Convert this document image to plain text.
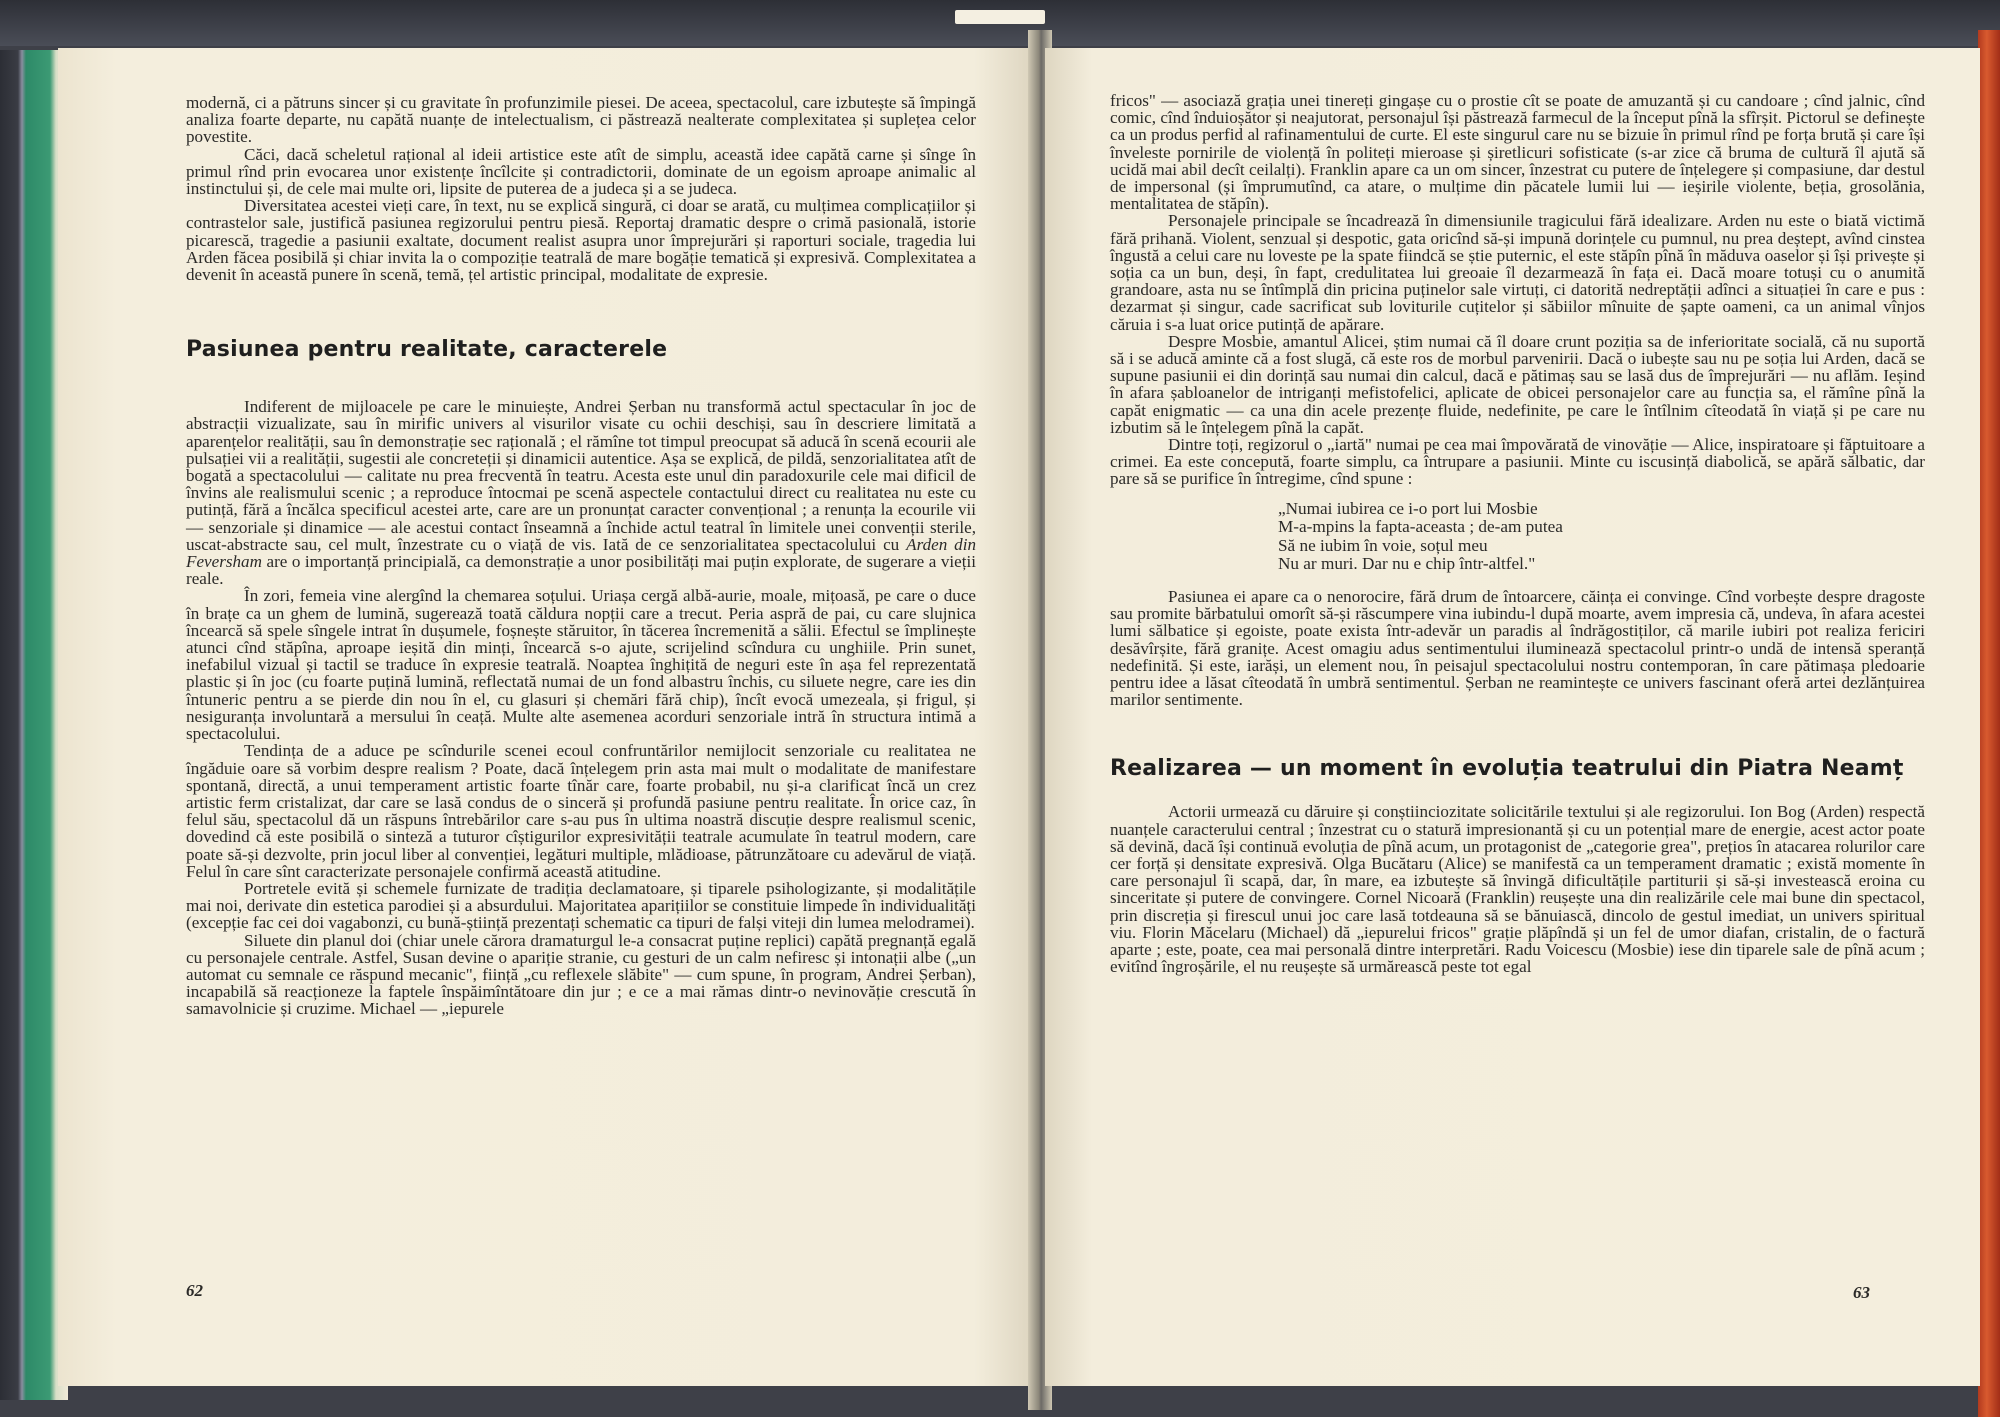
modernă, ci a pătruns sincer și cu gravitate în profunzimile piesei. De aceea, spectacolul, care izbutește să împingă analiza foarte departe, nu capătă nuanțe de intelectualism, ci păstrează nealterate complexitatea și suplețea celor povestite.

Căci, dacă scheletul rațional al ideii artistice este atît de simplu, această idee capătă carne și sînge în primul rînd prin evocarea unor existențe încîlcite și contradictorii, dominate de un egoism aproape animalic al instinctului și, de cele mai multe ori, lipsite de puterea de a judeca și a se judeca.

Diversitatea acestei vieți care, în text, nu se explică singură, ci doar se arată, cu mulțimea complicațiilor și contrastelor sale, justifică pasiunea regizorului pentru piesă. Reportaj dramatic despre o crimă pasională, istorie picarescă, tragedie a pasiunii exaltate, document realist asupra unor împrejurări și raporturi sociale, tragedia lui Arden făcea posibilă și chiar invita la o compoziție teatrală de mare bogăție tematică și expresivă. Complexitatea a devenit în această punere în scenă, temă, țel artistic principal, modalitate de expresie.

Pasiunea pentru realitate, caracterele

Indiferent de mijloacele pe care le minuiește, Andrei Șerban nu transformă actul spectacular în joc de abstracții vizualizate, sau în mirific univers al visurilor visate cu ochii deschiși, sau în descriere limitată a aparențelor realității, sau în demonstrație sec rațională ; el rămîne tot timpul preocupat să aducă în scenă ecourii ale pulsației vii a realității, sugestii ale concreteții și dinamicii autentice. Așa se explică, de pildă, senzorialitatea atît de bogată a spectacolului — calitate nu prea frecventă în teatru. Acesta este unul din paradoxurile cele mai dificil de învins ale realismului scenic ; a reproduce întocmai pe scenă aspectele contactului direct cu realitatea nu este cu putință, fără a încălca specificul acestei arte, care are un pronunțat caracter convențional ; a renunța la ecourile vii — senzoriale și dinamice — ale acestui contact înseamnă a închide actul teatral în limitele unei convenții sterile, uscat-abstracte sau, cel mult, înzestrate cu o viață de vis. Iată de ce senzorialitatea spectacolului cu Arden din Feversham are o importanță principială, ca demonstrație a unor posibilități mai puțin explorate, de sugerare a vieții reale.

În zori, femeia vine alergînd la chemarea soțului. Uriașa cergă albă-aurie, moale, mițoasă, pe care o duce în brațe ca un ghem de lumină, sugerează toată căldura nopții care a trecut. Peria aspră de pai, cu care slujnica încearcă să spele sîngele intrat în dușumele, foșnește stăruitor, în tăcerea încremenită a sălii. Efectul se împlinește atunci cînd stăpîna, aproape ieșită din minți, încearcă s-o ajute, scrijelind scîndura cu unghiile. Prin sunet, inefabilul vizual și tactil se traduce în expresie teatrală. Noaptea înghițită de neguri este în așa fel reprezentată plastic și în joc (cu foarte puțină lumină, reflectată numai de un fond albastru închis, cu siluete negre, care ies din întuneric pentru a se pierde din nou în el, cu glasuri și chemări fără chip), încît evocă umezeala, și frigul, și nesiguranța involuntară a mersului în ceață. Multe alte asemenea acorduri senzoriale intră în structura intimă a spectacolului.

Tendința de a aduce pe scîndurile scenei ecoul confruntărilor nemijlocit senzoriale cu realitatea ne îngăduie oare să vorbim despre realism ? Poate, dacă înțelegem prin asta mai mult o modalitate de manifestare spontană, directă, a unui temperament artistic foarte tînăr care, foarte probabil, nu și-a clarificat încă un crez artistic ferm cristalizat, dar care se lasă condus de o sinceră și profundă pasiune pentru realitate. În orice caz, în felul său, spectacolul dă un răspuns întrebărilor care s-au pus în ultima noastră discuție despre realismul scenic, dovedind că este posibilă o sinteză a tuturor cîștigurilor expresivității teatrale acumulate în teatrul modern, care poate să-și dezvolte, prin jocul liber al convenției, legături multiple, mlădioase, pătrunzătoare cu adevărul de viață. Felul în care sînt caracterizate personajele confirmă această atitudine.

Portretele evită și schemele furnizate de tradiția declamatoare, și tiparele psihologizante, și modalitățile mai noi, derivate din estetica parodiei și a absurdului. Majoritatea aparițiilor se constituie limpede în individualități (excepție fac cei doi vagabonzi, cu bună-știință prezentați schematic ca tipuri de falși viteji din lumea melodramei).

Siluete din planul doi (chiar unele cărora dramaturgul le-a consacrat puține replici) capătă pregnanță egală cu personajele centrale. Astfel, Susan devine o apariție stranie, cu gesturi de un calm nefiresc și intonații albe („un automat cu semnale ce răspund mecanic", ființă „cu reflexele slăbite" — cum spune, în program, Andrei Șerban), incapabilă să reacționeze la faptele înspăimîntătoare din jur ; e ce a mai rămas dintr-o nevinovăție crescută în samavolnicie și cruzime. Michael — „iepurele

62

fricos" — asociază grația unei tinereți gingașe cu o prostie cît se poate de amuzantă și cu candoare ; cînd jalnic, cînd comic, cînd înduioșător și neajutorat, personajul își păstrează farmecul de la început pînă la sfîrșit. Pictorul se definește ca un produs perfid al rafinamentului de curte. El este singurul care nu se bizuie în primul rînd pe forța brută și care își înveleste pornirile de violență în politeți mieroase și șiretlicuri sofisticate (s-ar zice că bruma de cultură îl ajută să ucidă mai abil decît ceilalți). Franklin apare ca un om sincer, înzestrat cu putere de înțelegere și compasiune, dar destul de impersonal (și împrumutînd, ca atare, o mulțime din păcatele lumii lui — ieșirile violente, bețiа, grosolănia, mentalitatea de stăpîn).

Personajele principale se încadrează în dimensiunile tragicului fără idealizare. Arden nu este o biată victimă fără prihană. Violent, senzual și despotic, gata oricînd să-și impună dorințele cu pumnul, nu prea deștept, avînd cinstea îngustă a celui care nu loveste pe la spate fiindcă se știe puternic, el este stăpîn pînă în măduva oaselor și își privește și soția ca un bun, deși, în fapt, credulitatea lui greoaie îl dezarmează în fața ei. Dacă moare totuși cu o anumită grandoare, asta nu se întîmplă din pricina puținelor sale virtuți, ci datorită nedreptății adînci a situației în care e pus : dezarmat și singur, cade sacrificat sub loviturile cuțitelor și săbiilor mînuite de șapte oameni, ca un animal vînjos căruia i s-a luat orice putință de apărare.

Despre Mosbie, amantul Alicei, știm numai că îl doare crunt poziția sa de inferioritate socială, că nu suportă să i se aducă aminte că a fost slugă, că este ros de morbul parvenirii. Dacă o iubește sau nu pe soția lui Arden, dacă se supune pasiunii ei din dorință sau numai din calcul, dacă e pătimaș sau se lasă dus de împrejurări — nu aflăm. Ieșind în afara șabloanelor de intriganți mefistofelici, aplicate de obicei personajelor care au funcția sa, el rămîne pînă la capăt enigmatic — ca una din acele prezențe fluide, nedefinite, pe care le întîlnim cîteodată în viață și pe care nu izbutim să le înțelegem pînă la capăt.

Dintre toți, regizorul o „iartă" numai pe cea mai împovărată de vinovăție — Alice, inspiratoare și făptuitoare a crimei. Ea este concepută, foarte simplu, ca întrupare a pasiunii. Minte cu iscusință diabolică, se apără sălbatic, dar pare să se purifice în întregime, cînd spune :

„Numai iubirea ce i-o port lui Mosbie
M-a-mpins la fapta-aceasta ; de-am putea
Să ne iubim în voie, soțul meu
Nu ar muri. Dar nu e chip într-altfel."

Pasiunea ei apare ca o nenorocire, fără drum de întoarcere, căința ei convinge. Cînd vorbește despre dragoste sau promite bărbatului omorît să-și răscumpere vina iubindu-l după moarte, avem impresia că, undeva, în afara acestei lumi sălbatice și egoiste, poate exista într-adevăr un paradis al îndrăgostiților, că marile iubiri pot realiza fericiri desăvîrșite, fără granițe. Acest omagiu adus sentimentului iluminează spectacolul printr-o undă de intensă speranță nedefinită. Și este, iarăși, un element nou, în peisajul spectacolului nostru contemporan, în care pătimașa pledoarie pentru idee a lăsat cîteodată în umbră sentimentul. Șerban ne reamintește ce univers fascinant oferă artei dezlănțuirea marilor sentimente.

Realizarea — un moment în evoluția teatrului din Piatra Neamț

Actorii urmează cu dăruire și conștiinciozitate solicitările textului și ale regizorului. Ion Bog (Arden) respectă nuanțele caracterului central ; înzestrat cu o statură impresionantă și cu un potențial mare de energie, acest actor poate să devină, dacă își continuă evoluția de pînă acum, un protagonist de „categorie grea", prețios în atacarea rolurilor care cer forță și densitate expresivă. Olga Bucătaru (Alice) se manifestă ca un temperament dramatic ; există momente în care personajul îi scapă, dar, în mare, ea izbutește să învingă dificultățile partiturii și să-și investească eroina cu sinceritate și putere de convingere. Cornel Nicoară (Franklin) reușește una din realizările cele mai bune din spectacol, prin discreția și firescul unui joc care lasă totdeauna să se bănuiască, dincolo de gestul imediat, un univers spiritual viu. Florin Măcelaru (Michael) dă „iepurelui fricos" grație plăpîndă și un fel de umor diafan, cristalin, de o factură aparte ; este, poate, cea mai personală dintre interpretări. Radu Voicescu (Mosbie) iese din tiparele sale de pînă acum ; evitînd îngroșările, el nu reușește să urmărească peste tot egal

63
